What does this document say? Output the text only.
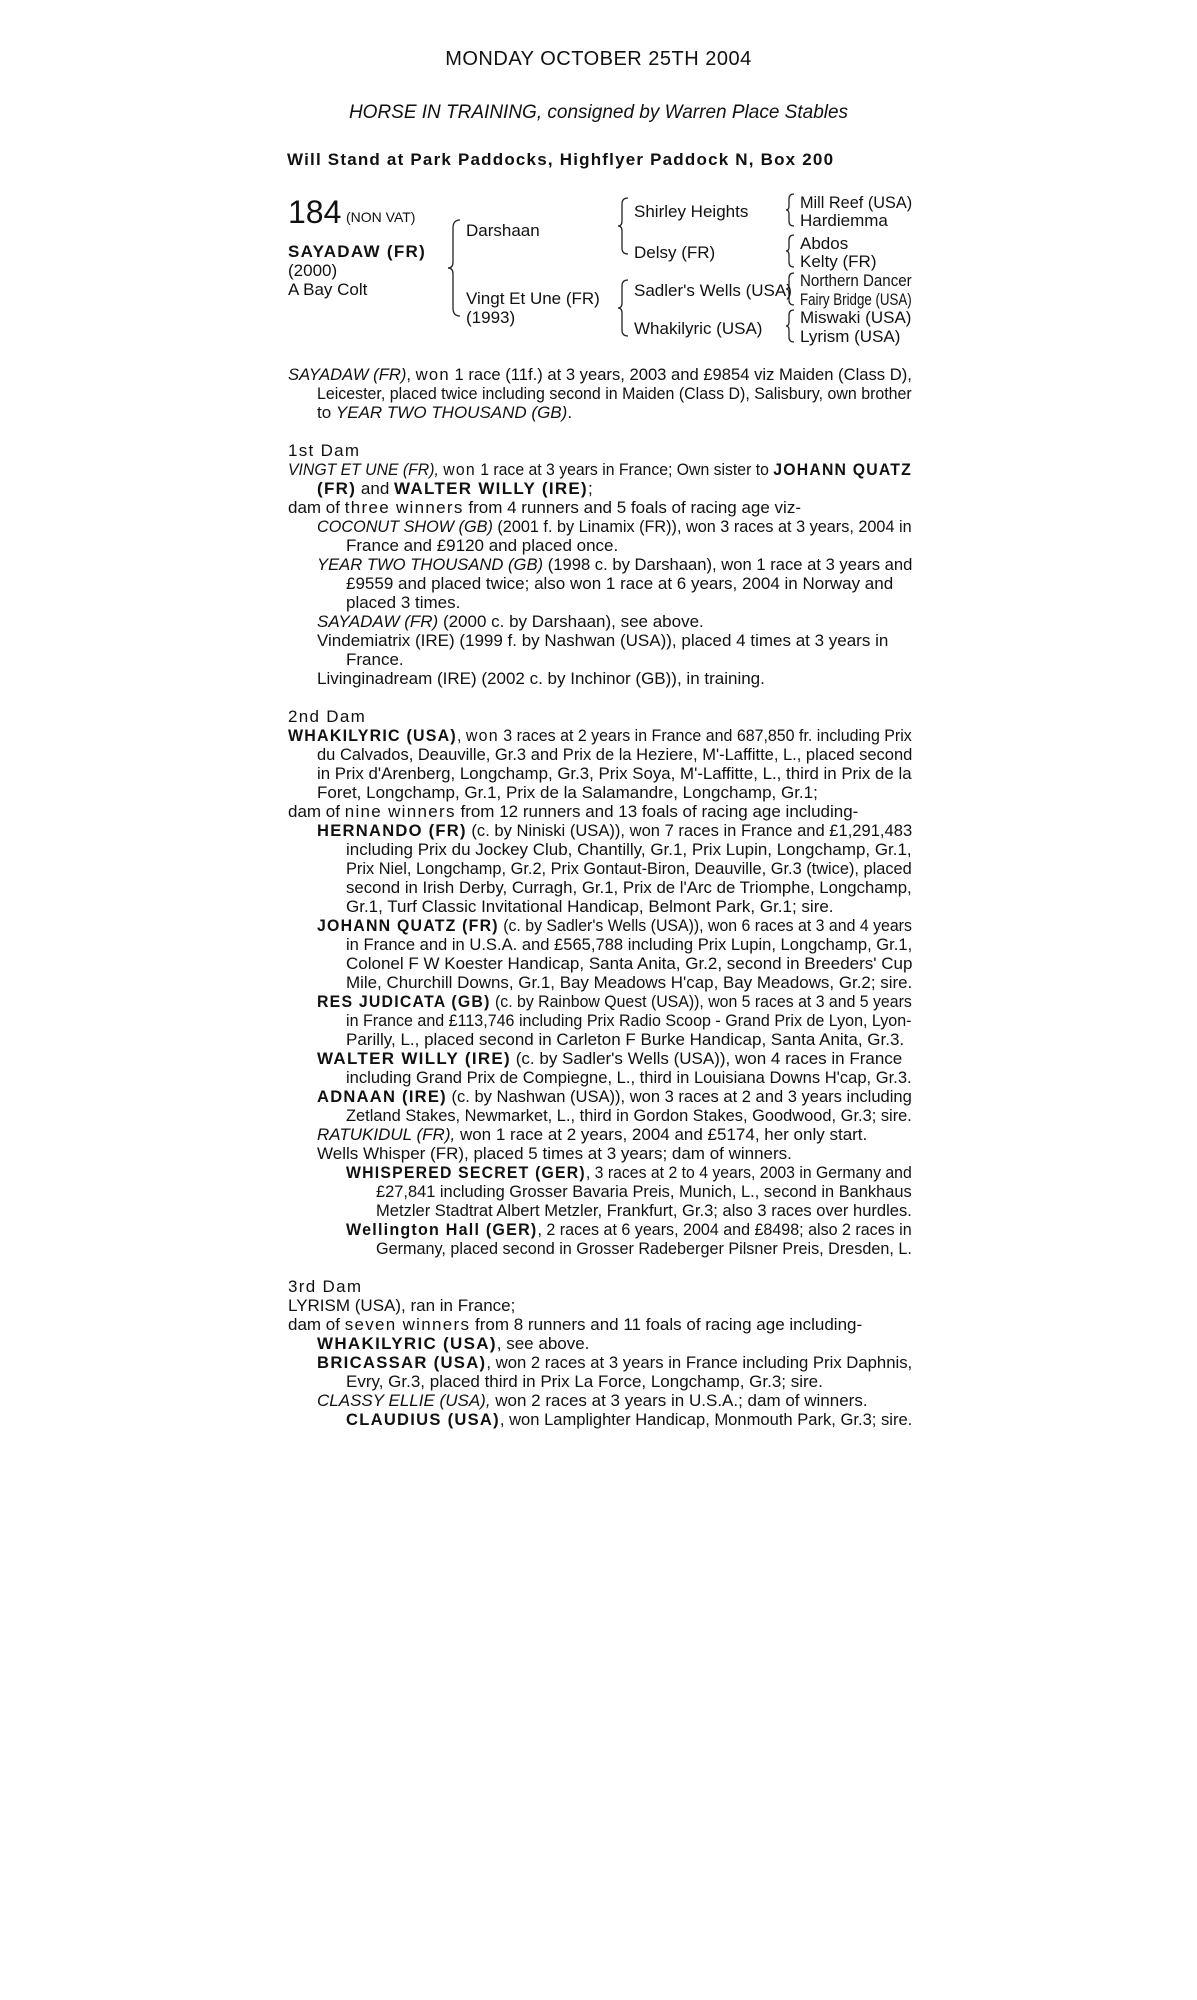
MONDAY OCTOBER 25TH 2004
HORSE IN TRAINING, consigned by Warren Place Stables
Will Stand at Park Paddocks, Highflyer Paddock N, Box 200
184 (NON VAT)
SAYADAW (FR)
(2000)
A Bay Colt
Darshaan
Vingt Et Une (FR)
(1993)
Shirley Heights
Delsy (FR)
Sadler's Wells (USA)
Whakilyric (USA)
Mill Reef (USA)
Hardiemma
Abdos
Kelty (FR)
Northern Dancer
Fairy Bridge (USA)
Miswaki (USA)
Lyrism (USA)
SAYADAW (FR), won 1 race (11f.) at 3 years, 2003 and £9854 viz Maiden (Class D),
Leicester, placed twice including second in Maiden (Class D), Salisbury, own brother
to YEAR TWO THOUSAND (GB).
1st Dam
VINGT ET UNE (FR), won 1 race at 3 years in France; Own sister to JOHANN QUATZ
(FR) and WALTER WILLY (IRE);
dam of three winners from 4 runners and 5 foals of racing age viz-
COCONUT SHOW (GB) (2001 f. by Linamix (FR)), won 3 races at 3 years, 2004 in
France and £9120 and placed once.
YEAR TWO THOUSAND (GB) (1998 c. by Darshaan), won 1 race at 3 years and
£9559 and placed twice; also won 1 race at 6 years, 2004 in Norway and
placed 3 times.
SAYADAW (FR) (2000 c. by Darshaan), see above.
Vindemiatrix (IRE) (1999 f. by Nashwan (USA)), placed 4 times at 3 years in
France.
Livinginadream (IRE) (2002 c. by Inchinor (GB)), in training.
2nd Dam
WHAKILYRIC (USA), won 3 races at 2 years in France and 687,850 fr. including Prix
du Calvados, Deauville, Gr.3 and Prix de la Heziere, M'-Laffitte, L., placed second
in Prix d'Arenberg, Longchamp, Gr.3, Prix Soya, M'-Laffitte, L., third in Prix de la
Foret, Longchamp, Gr.1, Prix de la Salamandre, Longchamp, Gr.1;
dam of nine winners from 12 runners and 13 foals of racing age including-
HERNANDO (FR) (c. by Niniski (USA)), won 7 races in France and £1,291,483
including Prix du Jockey Club, Chantilly, Gr.1, Prix Lupin, Longchamp, Gr.1,
Prix Niel, Longchamp, Gr.2, Prix Gontaut-Biron, Deauville, Gr.3 (twice), placed
second in Irish Derby, Curragh, Gr.1, Prix de l'Arc de Triomphe, Longchamp,
Gr.1, Turf Classic Invitational Handicap, Belmont Park, Gr.1; sire.
JOHANN QUATZ (FR) (c. by Sadler's Wells (USA)), won 6 races at 3 and 4 years
in France and in U.S.A. and £565,788 including Prix Lupin, Longchamp, Gr.1,
Colonel F W Koester Handicap, Santa Anita, Gr.2, second in Breeders' Cup
Mile, Churchill Downs, Gr.1, Bay Meadows H'cap, Bay Meadows, Gr.2; sire.
RES JUDICATA (GB) (c. by Rainbow Quest (USA)), won 5 races at 3 and 5 years
in France and £113,746 including Prix Radio Scoop - Grand Prix de Lyon, Lyon-
Parilly, L., placed second in Carleton F Burke Handicap, Santa Anita, Gr.3.
WALTER WILLY (IRE) (c. by Sadler's Wells (USA)), won 4 races in France
including Grand Prix de Compiegne, L., third in Louisiana Downs H'cap, Gr.3.
ADNAAN (IRE) (c. by Nashwan (USA)), won 3 races at 2 and 3 years including
Zetland Stakes, Newmarket, L., third in Gordon Stakes, Goodwood, Gr.3; sire.
RATUKIDUL (FR), won 1 race at 2 years, 2004 and £5174, her only start.
Wells Whisper (FR), placed 5 times at 3 years; dam of winners.
WHISPERED SECRET (GER), 3 races at 2 to 4 years, 2003 in Germany and
£27,841 including Grosser Bavaria Preis, Munich, L., second in Bankhaus
Metzler Stadtrat Albert Metzler, Frankfurt, Gr.3; also 3 races over hurdles.
Wellington Hall (GER), 2 races at 6 years, 2004 and £8498; also 2 races in
Germany, placed second in Grosser Radeberger Pilsner Preis, Dresden, L.
3rd Dam
LYRISM (USA), ran in France;
dam of seven winners from 8 runners and 11 foals of racing age including-
WHAKILYRIC (USA), see above.
BRICASSAR (USA), won 2 races at 3 years in France including Prix Daphnis,
Evry, Gr.3, placed third in Prix La Force, Longchamp, Gr.3; sire.
CLASSY ELLIE (USA), won 2 races at 3 years in U.S.A.; dam of winners.
CLAUDIUS (USA), won Lamplighter Handicap, Monmouth Park, Gr.3; sire.
